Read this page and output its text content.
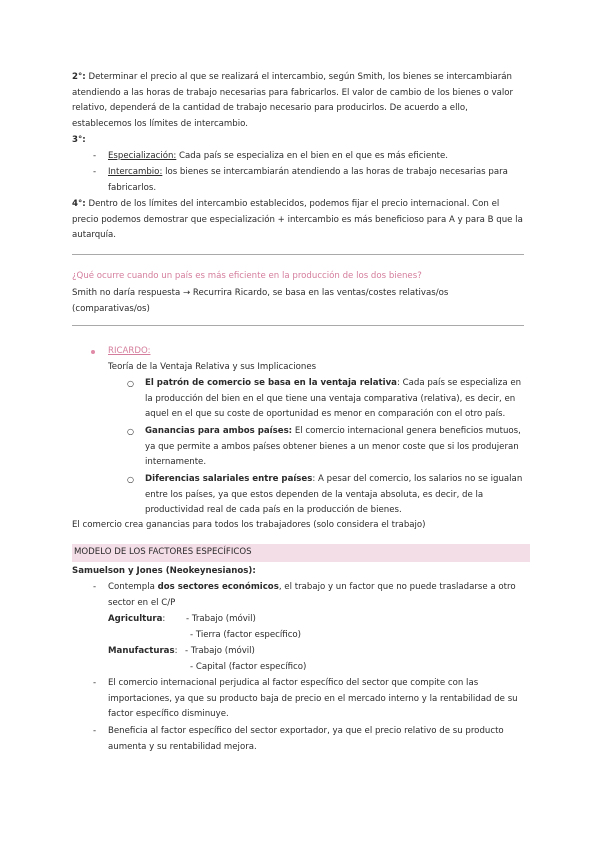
2°: Determinar el precio al que se realizará el intercambio, según Smith, los bienes se intercambiarán atendiendo a las horas de trabajo necesarias para fabricarlos. El valor de cambio de los bienes o valor relativo, dependerá de la cantidad de trabajo necesario para producirlos. De acuerdo a ello, establecemos los límites de intercambio.
3°:
- Especialización: Cada país se especializa en el bien en el que es más eficiente.
- Intercambio: los bienes se intercambiarán atendiendo a las horas de trabajo necesarias para fabricarlos.
4°: Dentro de los límites del intercambio establecidos, podemos fijar el precio internacional. Con el precio podemos demostrar que especialización + intercambio es más beneficioso para A y para B que la autarquía.
¿Qué ocurre cuando un país es más eficiente en la producción de los dos bienes?
Smith no daría respuesta → Recurrira Ricardo, se basa en las ventas/costes relativas/os (comparativas/os)
RICARDO:
Teoría de la Ventaja Relativa y sus Implicaciones
○ El patrón de comercio se basa en la ventaja relativa: Cada país se especializa en la producción del bien en el que tiene una ventaja comparativa (relativa), es decir, en aquel en el que su coste de oportunidad es menor en comparación con el otro país.
○ Ganancias para ambos países: El comercio internacional genera beneficios mutuos, ya que permite a ambos países obtener bienes a un menor coste que si los produjeran internamente.
○ Diferencias salariales entre países: A pesar del comercio, los salarios no se igualan entre los países, ya que estos dependen de la ventaja absoluta, es decir, de la productividad real de cada país en la producción de bienes.
El comercio crea ganancias para todos los trabajadores (solo considera el trabajo)
MODELO DE LOS FACTORES ESPECÍFICOS
Samuelson y Jones (Neokeynesianos):
- Contempla dos sectores económicos, el trabajo y un factor que no puede trasladarse a otro sector en el C/P
Agricultura: - Trabajo (móvil)
- Tierra (factor específico)
Manufacturas: - Trabajo (móvil)
- Capital (factor específico)
- El comercio internacional perjudica al factor específico del sector que compite con las importaciones, ya que su producto baja de precio en el mercado interno y la rentabilidad de su factor específico disminuye.
- Beneficia al factor específico del sector exportador, ya que el precio relativo de su producto aumenta y su rentabilidad mejora.
